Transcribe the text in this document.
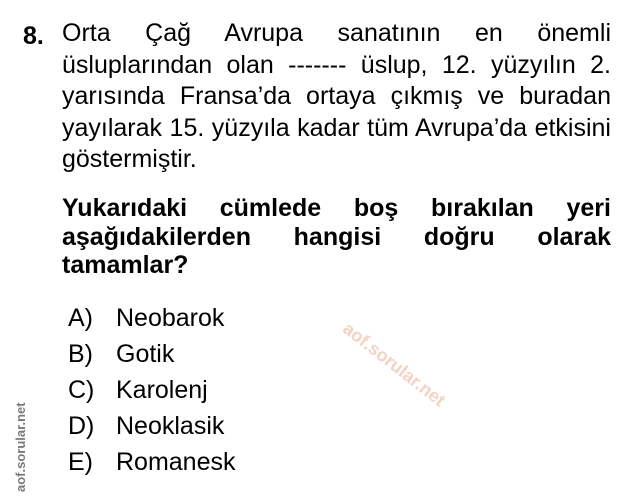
8. Orta Çağ Avrupa sanatının en önemli üsluplarından olan ------- üslup, 12. yüzyılın 2. yarısında Fransa’da ortaya çıkmış ve buradan yayılarak 15. yüzyıla kadar tüm Avrupa’da etkisini göstermiştir.
Yukarıdaki cümlede boş bırakılan yeri aşağıdakilerden hangisi doğru olarak tamamlar?
A) Neobarok
B) Gotik
C) Karolenj
D) Neoklasik
E) Romanesk
aof.sorular.net
aof.sorular.net
